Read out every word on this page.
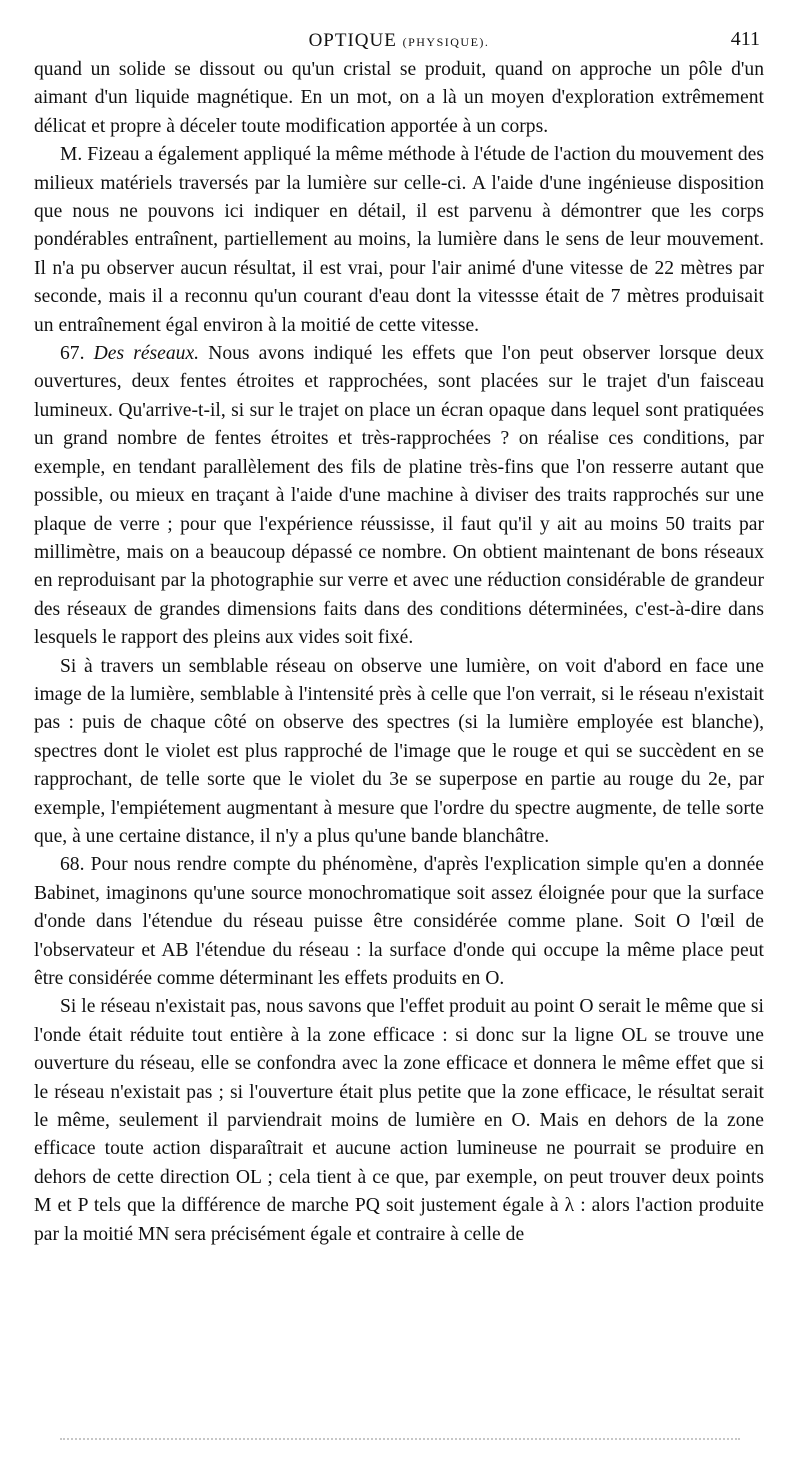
OPTIQUE (PHYSIQUE).	411

quand un solide se dissout ou qu'un cristal se produit, quand on approche un pôle d'un aimant d'un liquide magnétique. En un mot, on a là un moyen d'exploration extrêmement délicat et propre à déceler toute modification apportée à un corps.

M. Fizeau a également appliqué la même méthode à l'étude de l'action du mouvement des milieux matériels traversés par la lumière sur celle-ci. A l'aide d'une ingénieuse disposition que nous ne pouvons ici indiquer en détail, il est parvenu à démontrer que les corps pondérables entraînent, partiellement au moins, la lumière dans le sens de leur mouvement. Il n'a pu observer aucun résultat, il est vrai, pour l'air animé d'une vitesse de 22 mètres par seconde, mais il a reconnu qu'un courant d'eau dont la vitessse était de 7 mètres produisait un entraînement égal environ à la moitié de cette vitesse.

67. Des réseaux. Nous avons indiqué les effets que l'on peut observer lorsque deux ouvertures, deux fentes étroites et rapprochées, sont placées sur le trajet d'un faisceau lumineux. Qu'arrive-t-il, si sur le trajet on place un écran opaque dans lequel sont pratiquées un grand nombre de fentes étroites et très-rapprochées ? on réalise ces conditions, par exemple, en tendant parallèlement des fils de platine très-fins que l'on resserre autant que possible, ou mieux en traçant à l'aide d'une machine à diviser des traits rapprochés sur une plaque de verre ; pour que l'expérience réussisse, il faut qu'il y ait au moins 50 traits par millimètre, mais on a beaucoup dépassé ce nombre. On obtient maintenant de bons réseaux en reproduisant par la photographie sur verre et avec une réduction considérable de grandeur des réseaux de grandes dimensions faits dans des conditions déterminées, c'est-à-dire dans lesquels le rapport des pleins aux vides soit fixé.

Si à travers un semblable réseau on observe une lumière, on voit d'abord en face une image de la lumière, semblable à l'intensité près à celle que l'on verrait, si le réseau n'existait pas : puis de chaque côté on observe des spectres (si la lumière employée est blanche), spectres dont le violet est plus rapproché de l'image que le rouge et qui se succèdent en se rapprochant, de telle sorte que le violet du 3e se superpose en partie au rouge du 2e, par exemple, l'empiétement augmentant à mesure que l'ordre du spectre augmente, de telle sorte que, à une certaine distance, il n'y a plus qu'une bande blanchâtre.

68. Pour nous rendre compte du phénomène, d'après l'explication simple qu'en a donnée Babinet, imaginons qu'une source monochromatique soit assez éloignée pour que la surface d'onde dans l'étendue du réseau puisse être considérée comme plane. Soit O l'œil de l'observateur et AB l'étendue du réseau : la surface d'onde qui occupe la même place peut être considérée comme déterminant les effets produits en O.

Si le réseau n'existait pas, nous savons que l'effet produit au point O serait le même que si l'onde était réduite tout entière à la zone efficace : si donc sur la ligne OL se trouve une ouverture du réseau, elle se confondra avec la zone efficace et donnera le même effet que si le réseau n'existait pas ; si l'ouverture était plus petite que la zone efficace, le résultat serait le même, seulement il parviendrait moins de lumière en O. Mais en dehors de la zone efficace toute action disparaîtrait et aucune action lumineuse ne pourrait se produire en dehors de cette direction OL ; cela tient à ce que, par exemple, on peut trouver deux points M et P tels que la différence de marche PQ soit justement égale à λ : alors l'action produite par la moitié MN sera précisément égale et contraire à celle de
